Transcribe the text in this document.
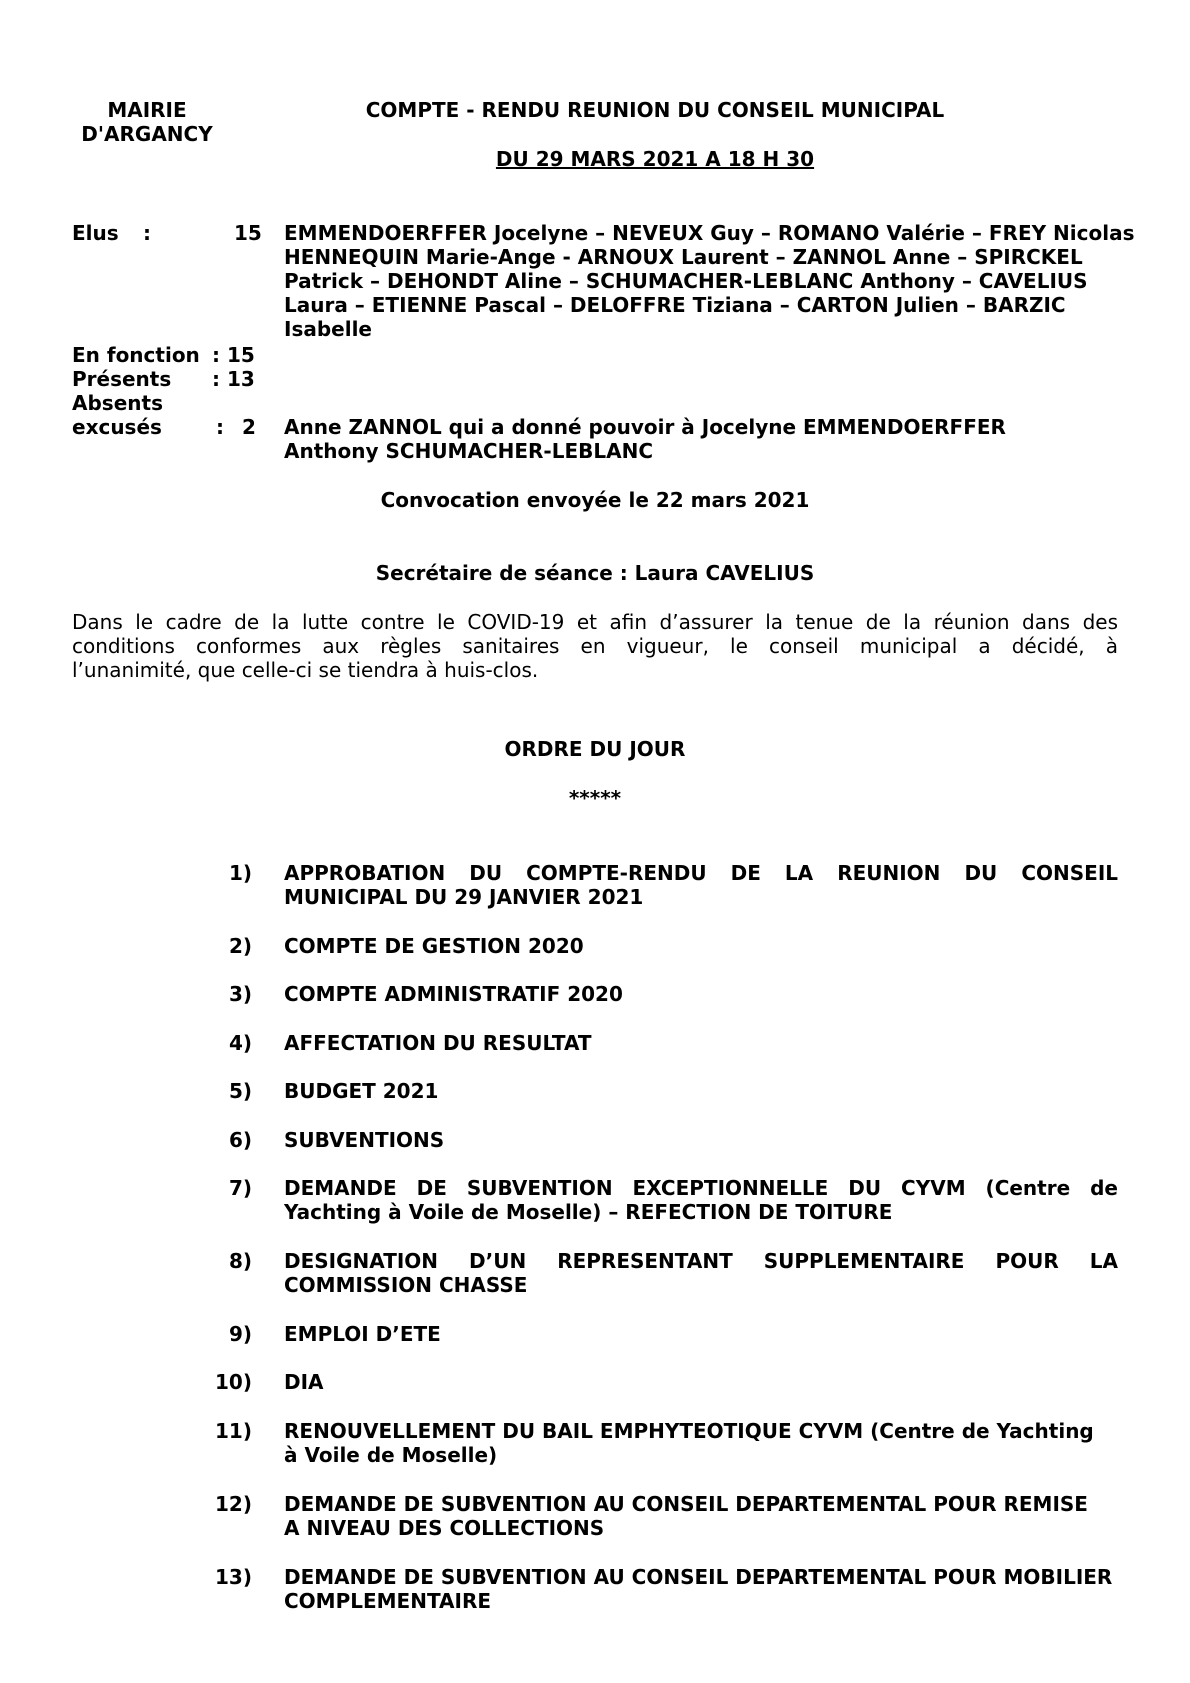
MAIRIE
D'ARGANCY
COMPTE - RENDU REUNION DU CONSEIL MUNICIPAL
DU 29 MARS 2021 A 18 H 30
Elus :	15 EMMENDOERFFER Jocelyne – NEVEUX Guy – ROMANO Valérie – FREY Nicolas
HENNEQUIN Marie-Ange - ARNOUX Laurent – ZANNOL Anne – SPIRCKEL
Patrick – DEHONDT Aline – SCHUMACHER-LEBLANC Anthony – CAVELIUS
Laura – ETIENNE Pascal – DELOFFRE Tiziana – CARTON Julien – BARZIC
Isabelle
En fonction : 15
Présents : 13
Absents
excusés	: 2 Anne ZANNOL qui a donné pouvoir à Jocelyne EMMENDOERFFER
Anthony SCHUMACHER-LEBLANC
Convocation envoyée le 22 mars 2021
Secrétaire de séance : Laura CAVELIUS
Dans le cadre de la lutte contre le COVID-19 et afin d’assurer la tenue de la réunion dans des
conditions conformes aux règles sanitaires en vigueur, le conseil municipal a décidé, à
l’unanimité, que celle-ci se tiendra à huis-clos.
ORDRE DU JOUR
*****
1) APPROBATION DU COMPTE-RENDU DE LA REUNION DU CONSEIL
MUNICIPAL DU 29 JANVIER 2021
2) COMPTE DE GESTION 2020
3) COMPTE ADMINISTRATIF 2020
4) AFFECTATION DU RESULTAT
5) BUDGET 2021
6) SUBVENTIONS
7) DEMANDE DE SUBVENTION EXCEPTIONNELLE DU CYVM (Centre de
Yachting à Voile de Moselle) – REFECTION DE TOITURE
8) DESIGNATION D’UN REPRESENTANT SUPPLEMENTAIRE POUR LA
COMMISSION CHASSE
9) EMPLOI D’ETE
10) DIA
11) RENOUVELLEMENT DU BAIL EMPHYTEOTIQUE CYVM (Centre de Yachting
à Voile de Moselle)
12) DEMANDE DE SUBVENTION AU CONSEIL DEPARTEMENTAL POUR REMISE
A NIVEAU DES COLLECTIONS
13) DEMANDE DE SUBVENTION AU CONSEIL DEPARTEMENTAL POUR MOBILIER
COMPLEMENTAIRE
